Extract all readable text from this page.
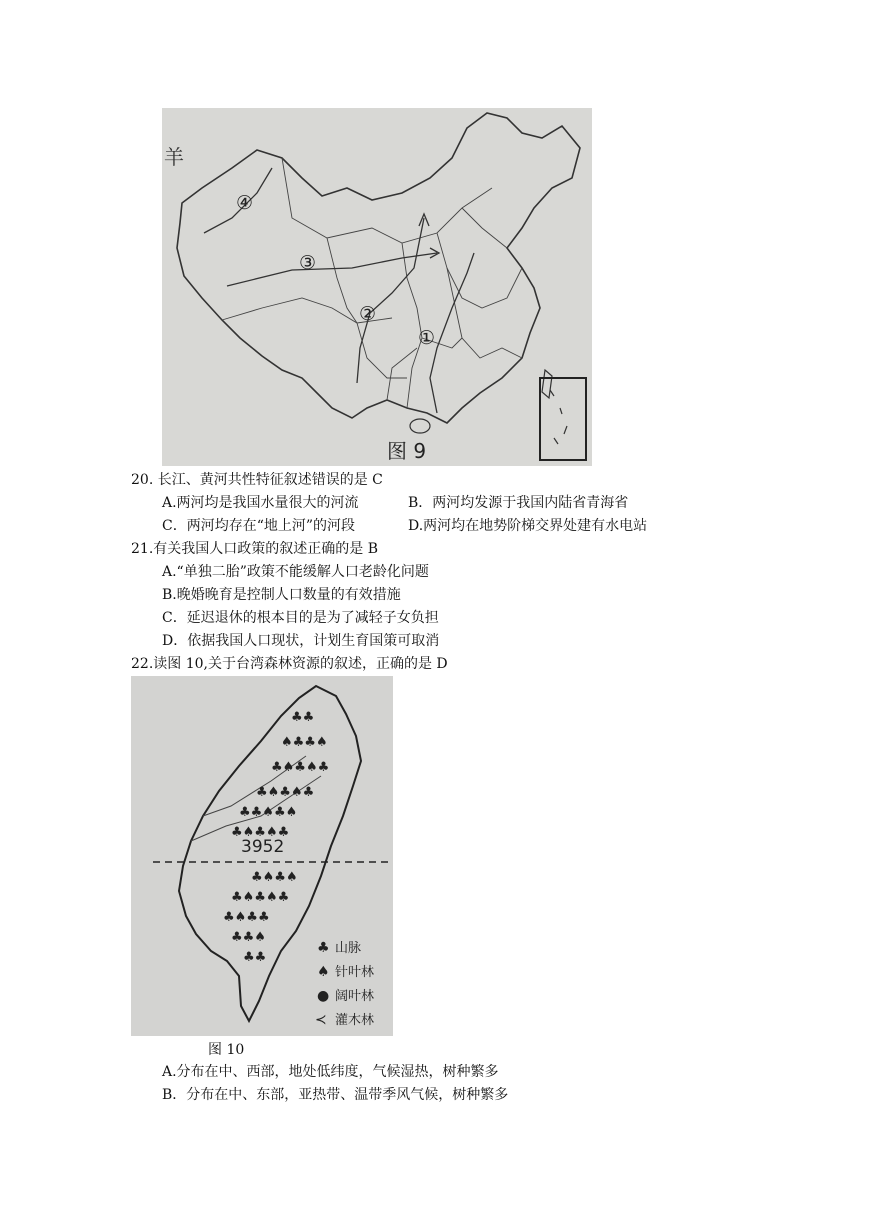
④
③
②
①
羊
图 9
20. 长江、黄河共性特征叙述错误的是 C
A.两河均是我国水量很大的河流	B．两河均发源于我国内陆省青海省
C．两河均存在“地上河”的河段	D.两河均在地势阶梯交界处建有水电站
21.有关我国人口政策的叙述正确的是 B
A.“单独二胎”政策不能缓解人口老龄化问题
B.晚婚晚育是控制人口数量的有效措施
C．延迟退休的根本目的是为了减轻子女负担
D．依据我国人口现状，计划生育国策可取消
22.读图 10,关于台湾森林资源的叙述，正确的是 D
♣♣
♠♣♣♠
♣♠♣♠♣
♣♠♣♠♣
♣♣♠♣♠
♣♠♣♠♣
♣♠♣♠
♣♠♣♠♣
♣♠♣♣
♣♣♠
♣♣
3952
♣ 山脉
♠ 针叶林
● 阔叶林
≺ 灌木林
图 10
A.分布在中、西部，地处低纬度，气候湿热，树种繁多
B．分布在中、东部，亚热带、温带季风气候，树种繁多
